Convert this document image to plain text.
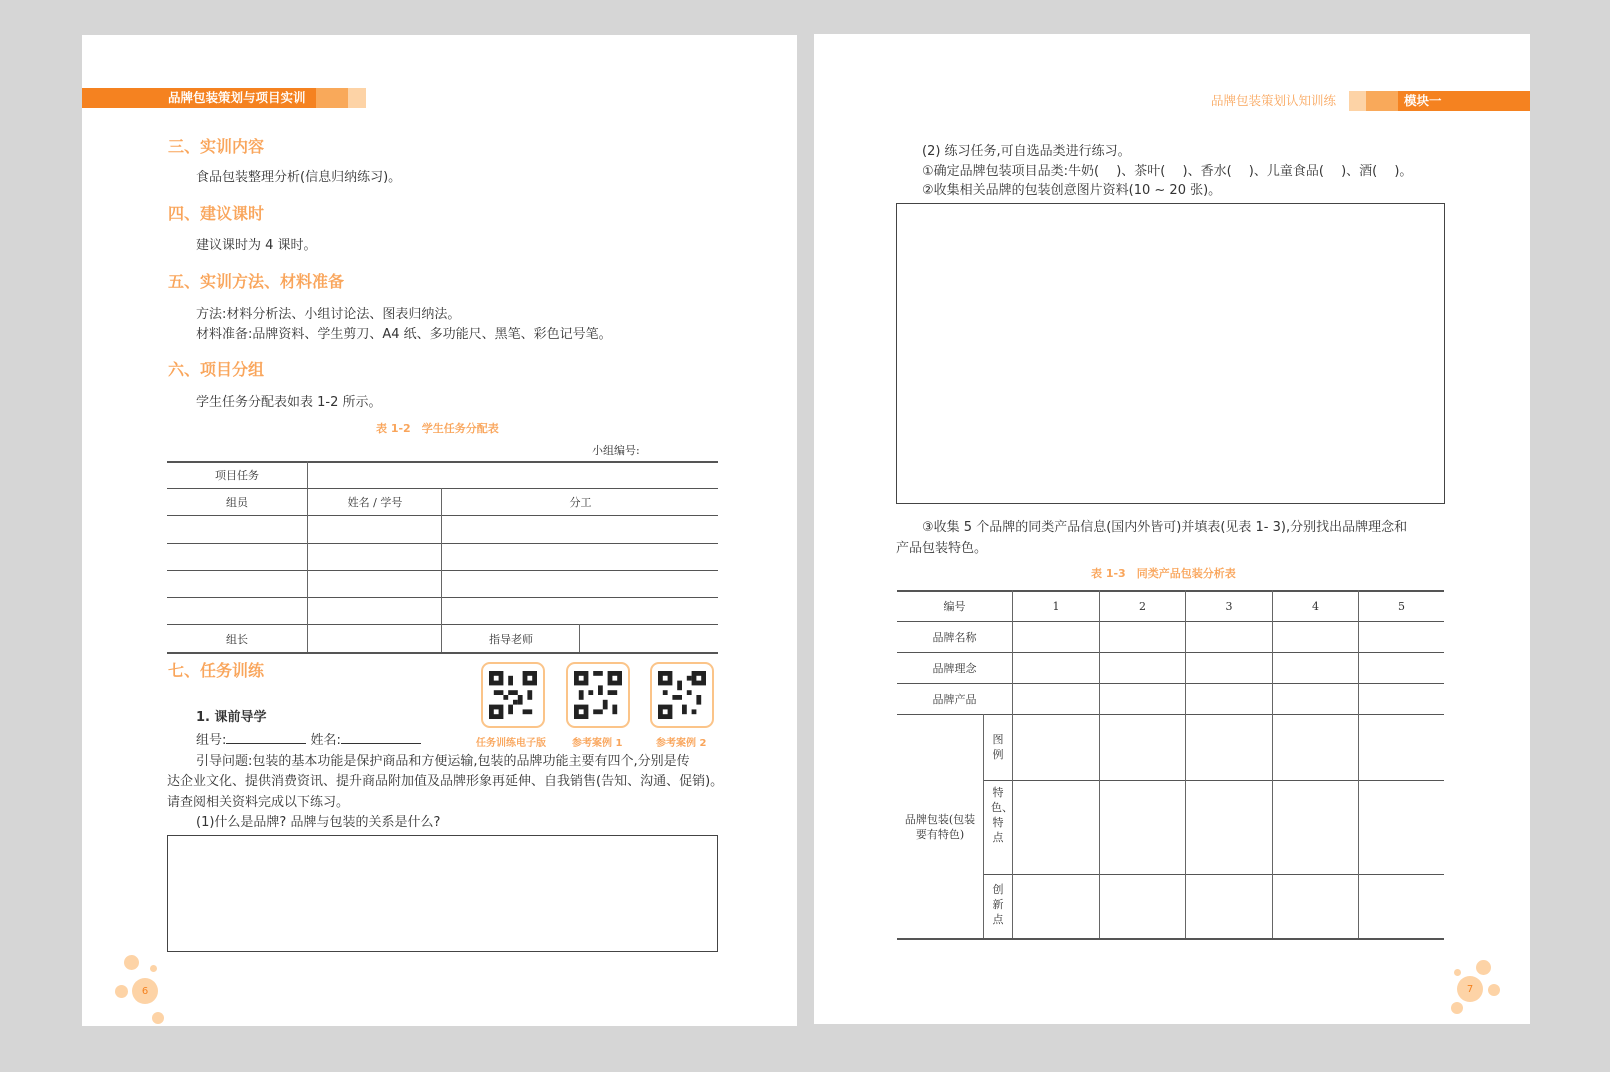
品牌包装策划与项目实训
三、实训内容
食品包装整理分析(信息归纳练习)。
四、建议课时
建议课时为 4 课时。
五、实训方法、材料准备
方法:材料分析法、小组讨论法、图表归纳法。
材料准备:品牌资料、学生剪刀、A4 纸、多功能尺、黑笔、彩色记号笔。
六、项目分组
学生任务分配表如表 1-2 所示。
表 1-2　学生任务分配表
小组编号:
项目任务
组员	姓名 / 学号	分工
组长	指导老师
七、任务训练
任务训练电子版	参考案例 1	参考案例 2
1. 课前导学
组号:	姓名:
引导问题:包装的基本功能是保护商品和方便运输,包装的品牌功能主要有四个,分别是传
达企业文化、提供消费资讯、提升商品附加值及品牌形象再延伸、自我销售(告知、沟通、促销)。
请查阅相关资料完成以下练习。
(1)什么是品牌? 品牌与包装的关系是什么?
6
品牌包装策划认知训练	模块一
(2) 练习任务,可自选品类进行练习。
①确定品牌包装项目品类:牛奶(　 )、茶叶(　 )、香水(　 )、儿童食品(　 )、酒(　 )。
②收集相关品牌的包装创意图片资料(10 ~ 20 张)。
③收集 5 个品牌的同类产品信息(国内外皆可)并填表(见表 1- 3),分别找出品牌理念和
产品包装特色。
表 1-3　同类产品包装分析表
编号	1	2	3	4	5
品牌名称
品牌理念
品牌产品
品牌包装(包装要有特色)
图例
特色、特点
创新点
7
